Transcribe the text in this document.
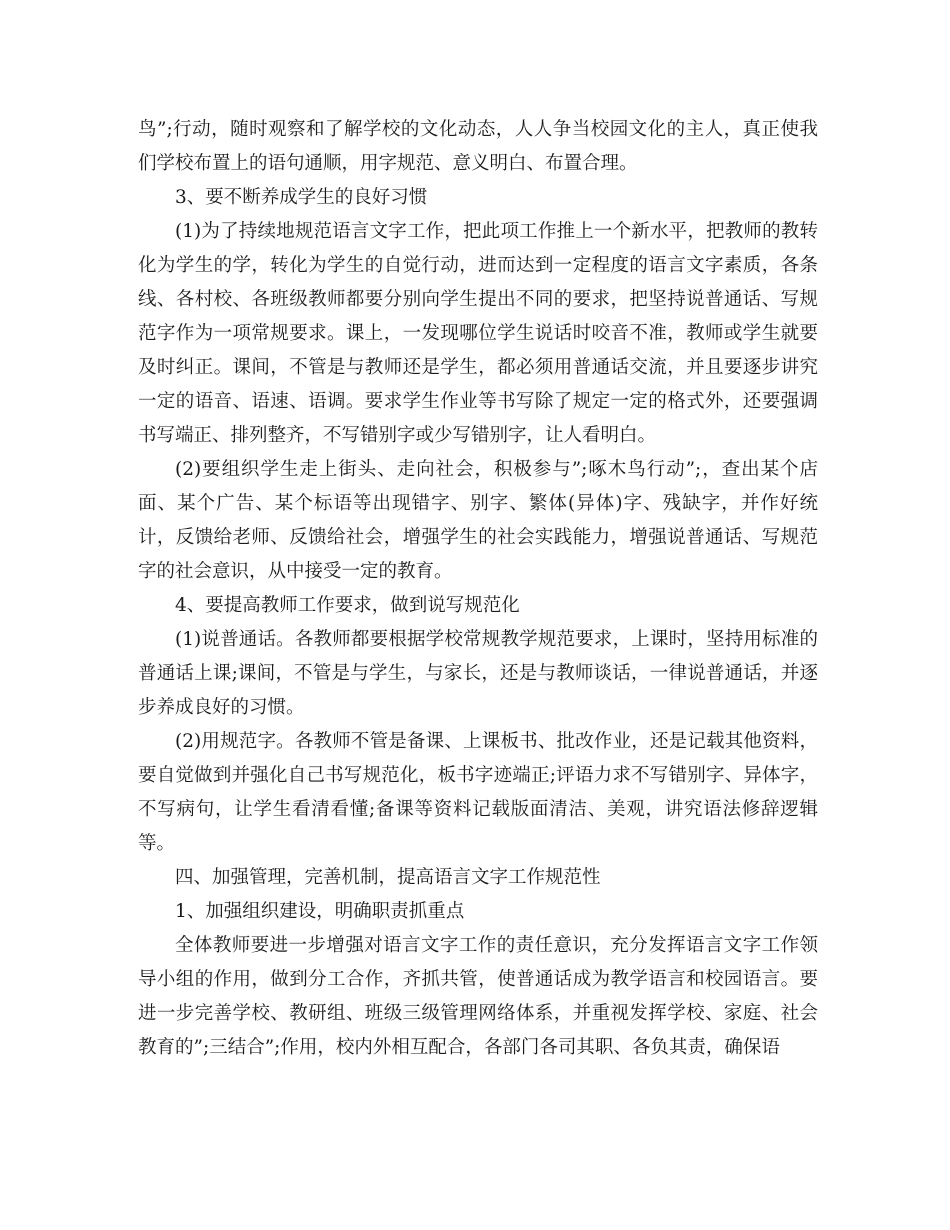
鸟”;行动，随时观察和了解学校的文化动态，人人争当校园文化的主人，真正使我们学校布置上的语句通顺，用字规范、意义明白、布置合理。

3、要不断养成学生的良好习惯

(1)为了持续地规范语言文字工作，把此项工作推上一个新水平，把教师的教转化为学生的学，转化为学生的自觉行动，进而达到一定程度的语言文字素质，各条线、各村校、各班级教师都要分别向学生提出不同的要求，把坚持说普通话、写规范字作为一项常规要求。课上，一发现哪位学生说话时咬音不准，教师或学生就要及时纠正。课间，不管是与教师还是学生，都必须用普通话交流，并且要逐步讲究一定的语音、语速、语调。要求学生作业等书写除了规定一定的格式外，还要强调书写端正、排列整齐，不写错别字或少写错别字，让人看明白。

(2)要组织学生走上街头、走向社会，积极参与”;啄木鸟行动”;，查出某个店面、某个广告、某个标语等出现错字、别字、繁体(异体)字、残缺字，并作好统计，反馈给老师、反馈给社会，增强学生的社会实践能力，增强说普通话、写规范字的社会意识，从中接受一定的教育。

4、要提高教师工作要求，做到说写规范化

(1)说普通话。各教师都要根据学校常规教学规范要求，上课时，坚持用标准的普通话上课;课间，不管是与学生，与家长，还是与教师谈话，一律说普通话，并逐步养成良好的习惯。

(2)用规范字。各教师不管是备课、上课板书、批改作业，还是记载其他资料，要自觉做到并强化自己书写规范化，板书字迹端正;评语力求不写错别字、异体字，不写病句，让学生看清看懂;备课等资料记载版面清洁、美观，讲究语法修辞逻辑等。

四、加强管理，完善机制，提高语言文字工作规范性

1、加强组织建设，明确职责抓重点

全体教师要进一步增强对语言文字工作的责任意识，充分发挥语言文字工作领导小组的作用，做到分工合作，齐抓共管，使普通话成为教学语言和校园语言。要进一步完善学校、教研组、班级三级管理网络体系，并重视发挥学校、家庭、社会教育的”;三结合”;作用，校内外相互配合，各部门各司其职、各负其责，确保语
